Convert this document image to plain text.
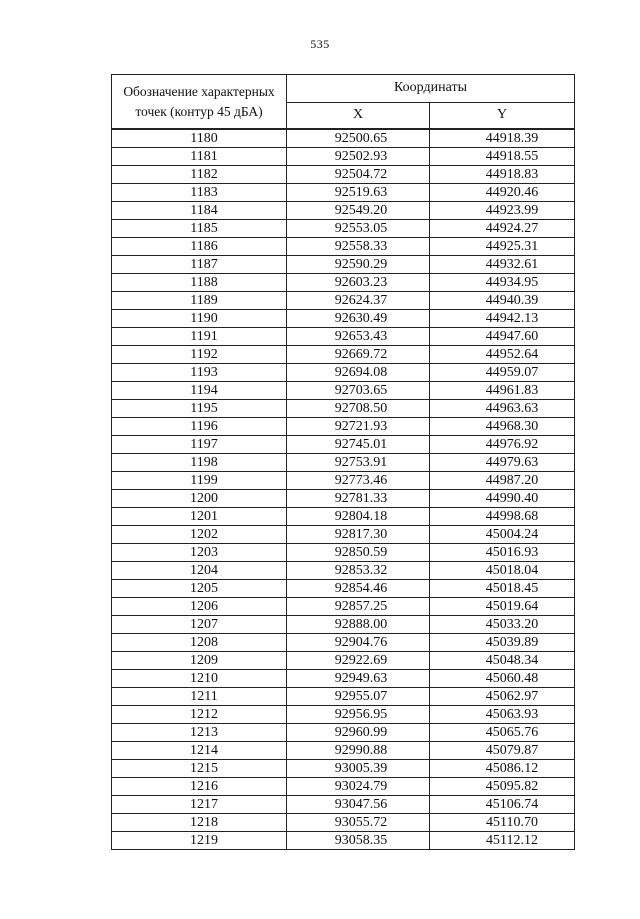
535
Обозначение характерных точек (контур 45 дБА)	Координаты	
	X	Y
1180	92500.65	44918.39
1181	92502.93	44918.55
1182	92504.72	44918.83
1183	92519.63	44920.46
1184	92549.20	44923.99
1185	92553.05	44924.27
1186	92558.33	44925.31
1187	92590.29	44932.61
1188	92603.23	44934.95
1189	92624.37	44940.39
1190	92630.49	44942.13
1191	92653.43	44947.60
1192	92669.72	44952.64
1193	92694.08	44959.07
1194	92703.65	44961.83
1195	92708.50	44963.63
1196	92721.93	44968.30
1197	92745.01	44976.92
1198	92753.91	44979.63
1199	92773.46	44987.20
1200	92781.33	44990.40
1201	92804.18	44998.68
1202	92817.30	45004.24
1203	92850.59	45016.93
1204	92853.32	45018.04
1205	92854.46	45018.45
1206	92857.25	45019.64
1207	92888.00	45033.20
1208	92904.76	45039.89
1209	92922.69	45048.34
1210	92949.63	45060.48
1211	92955.07	45062.97
1212	92956.95	45063.93
1213	92960.99	45065.76
1214	92990.88	45079.87
1215	93005.39	45086.12
1216	93024.79	45095.82
1217	93047.56	45106.74
1218	93055.72	45110.70
1219	93058.35	45112.12
